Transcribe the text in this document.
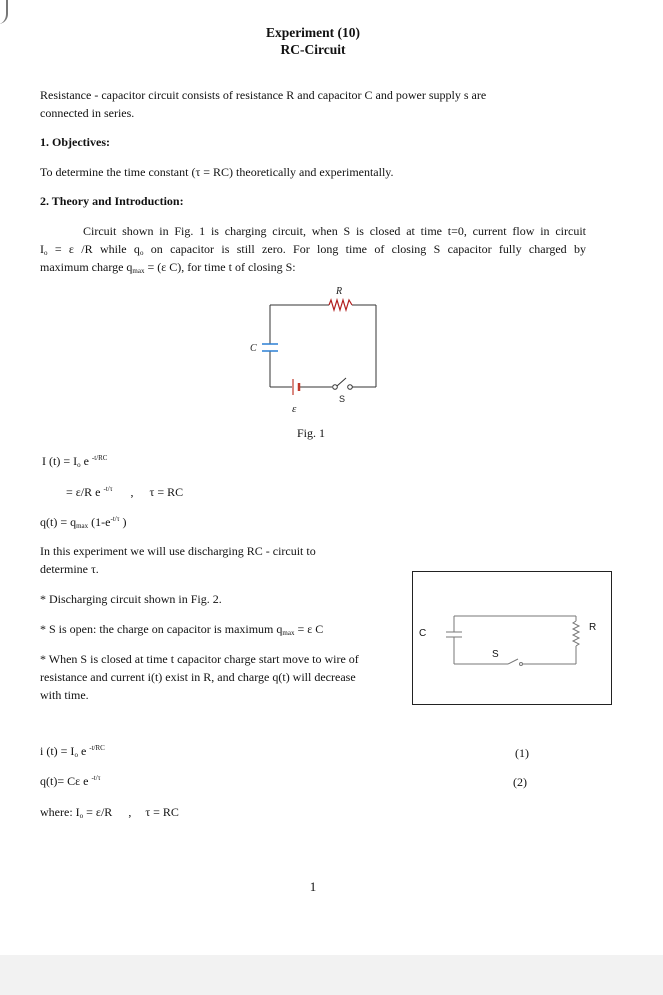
Experiment (10)
RC-Circuit
Resistance - capacitor circuit consists of resistance R and capacitor C and power supply s are
connected in series.
1. Objectives:
To determine the time constant (τ = RC) theoretically and experimentally.
2. Theory and Introduction:
Circuit shown in Fig. 1 is charging circuit, when S is closed at time t=0, current flow in circuit
$I_o = \varepsilon$ /R while $q_o$ on capacitor is still zero. For long time of closing S capacitor fully charged by
maximum charge $q_{max} = (\varepsilon$ C), for time t of closing S:
R
C
ε
S
Fig. 1
I $(t) = I_o$ e $^{-t/RC}$
= ε/R e $^{-t/\tau}$ , τ = RC
$q(t) = q_{max}$ ($1-e^{-t/\tau}$ )
In this experiment we will use discharging RC - circuit to
determine τ.
* Discharging circuit shown in Fig. 2.
* S is open: the charge on capacitor is maximum $q_{max} = \varepsilon$ C
* When S is closed at time t capacitor charge start move to wire of
resistance and current i(t) exist in R, and charge q(t) will decrease
with time.
C
S
R
i $(t) = I_o$ e $^{-t/RC}$	(1)
q(t)= Cε e $^{-t/\tau}$	(2)
where: $I_o = \varepsilon/R$ , τ = RC
1
